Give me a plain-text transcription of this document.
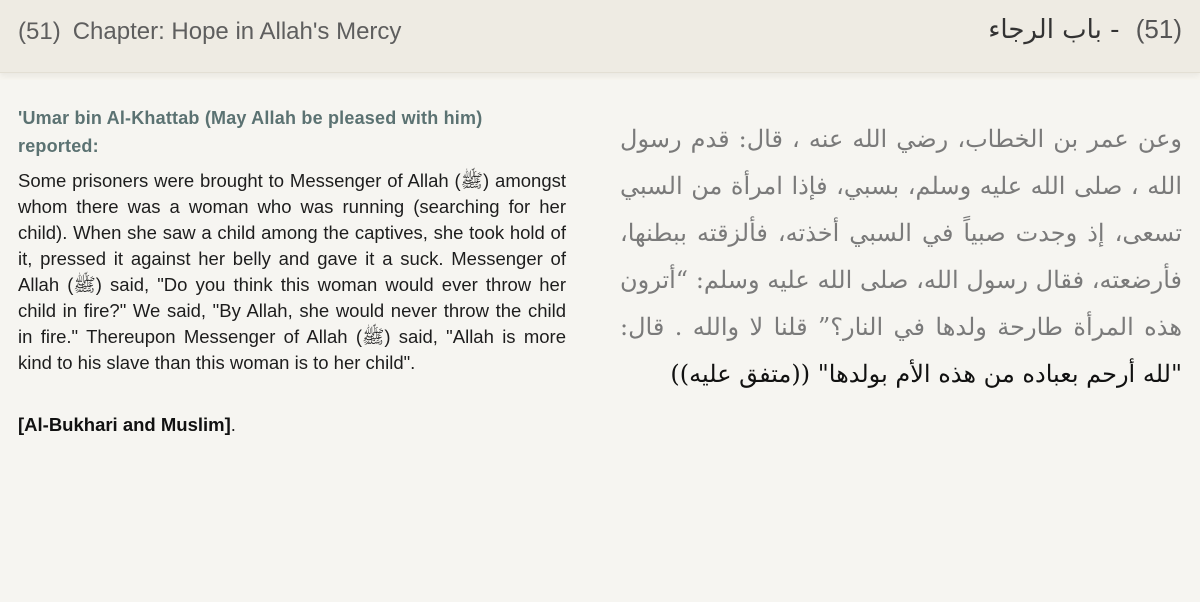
(51) Chapter: Hope in Allah's Mercy	(51) - باب الرجاء
'Umar bin Al-Khattab (May Allah be pleased with him) reported:
Some prisoners were brought to Messenger of Allah (ﷺ) amongst whom there was a woman who was running (searching for her child). When she saw a child among the captives, she took hold of it, pressed it against her belly and gave it a suck. Messenger of Allah (ﷺ) said, "Do you think this woman would ever throw her child in fire?" We said, "By Allah, she would never throw the child in fire." Thereupon Messenger of Allah (ﷺ) said, "Allah is more kind to his slave than this woman is to her child".
[Al-Bukhari and Muslim].
وعن عمر بن الخطاب، رضي الله عنه ، قال: قدم رسول الله ، صلى الله عليه وسلم، بسبي، فإذا امرأة من السبي تسعى، إذ وجدت صبياً في السبي أخذته، فألزقته ببطنها، فأرضعته، فقال رسول الله، صلى الله عليه وسلم: “أترون هذه المرأة طارحة ولدها في النار؟” قلنا لا والله . قال: "لله أرحم بعباده من هذه الأم بولدها" ((متفق عليه))
